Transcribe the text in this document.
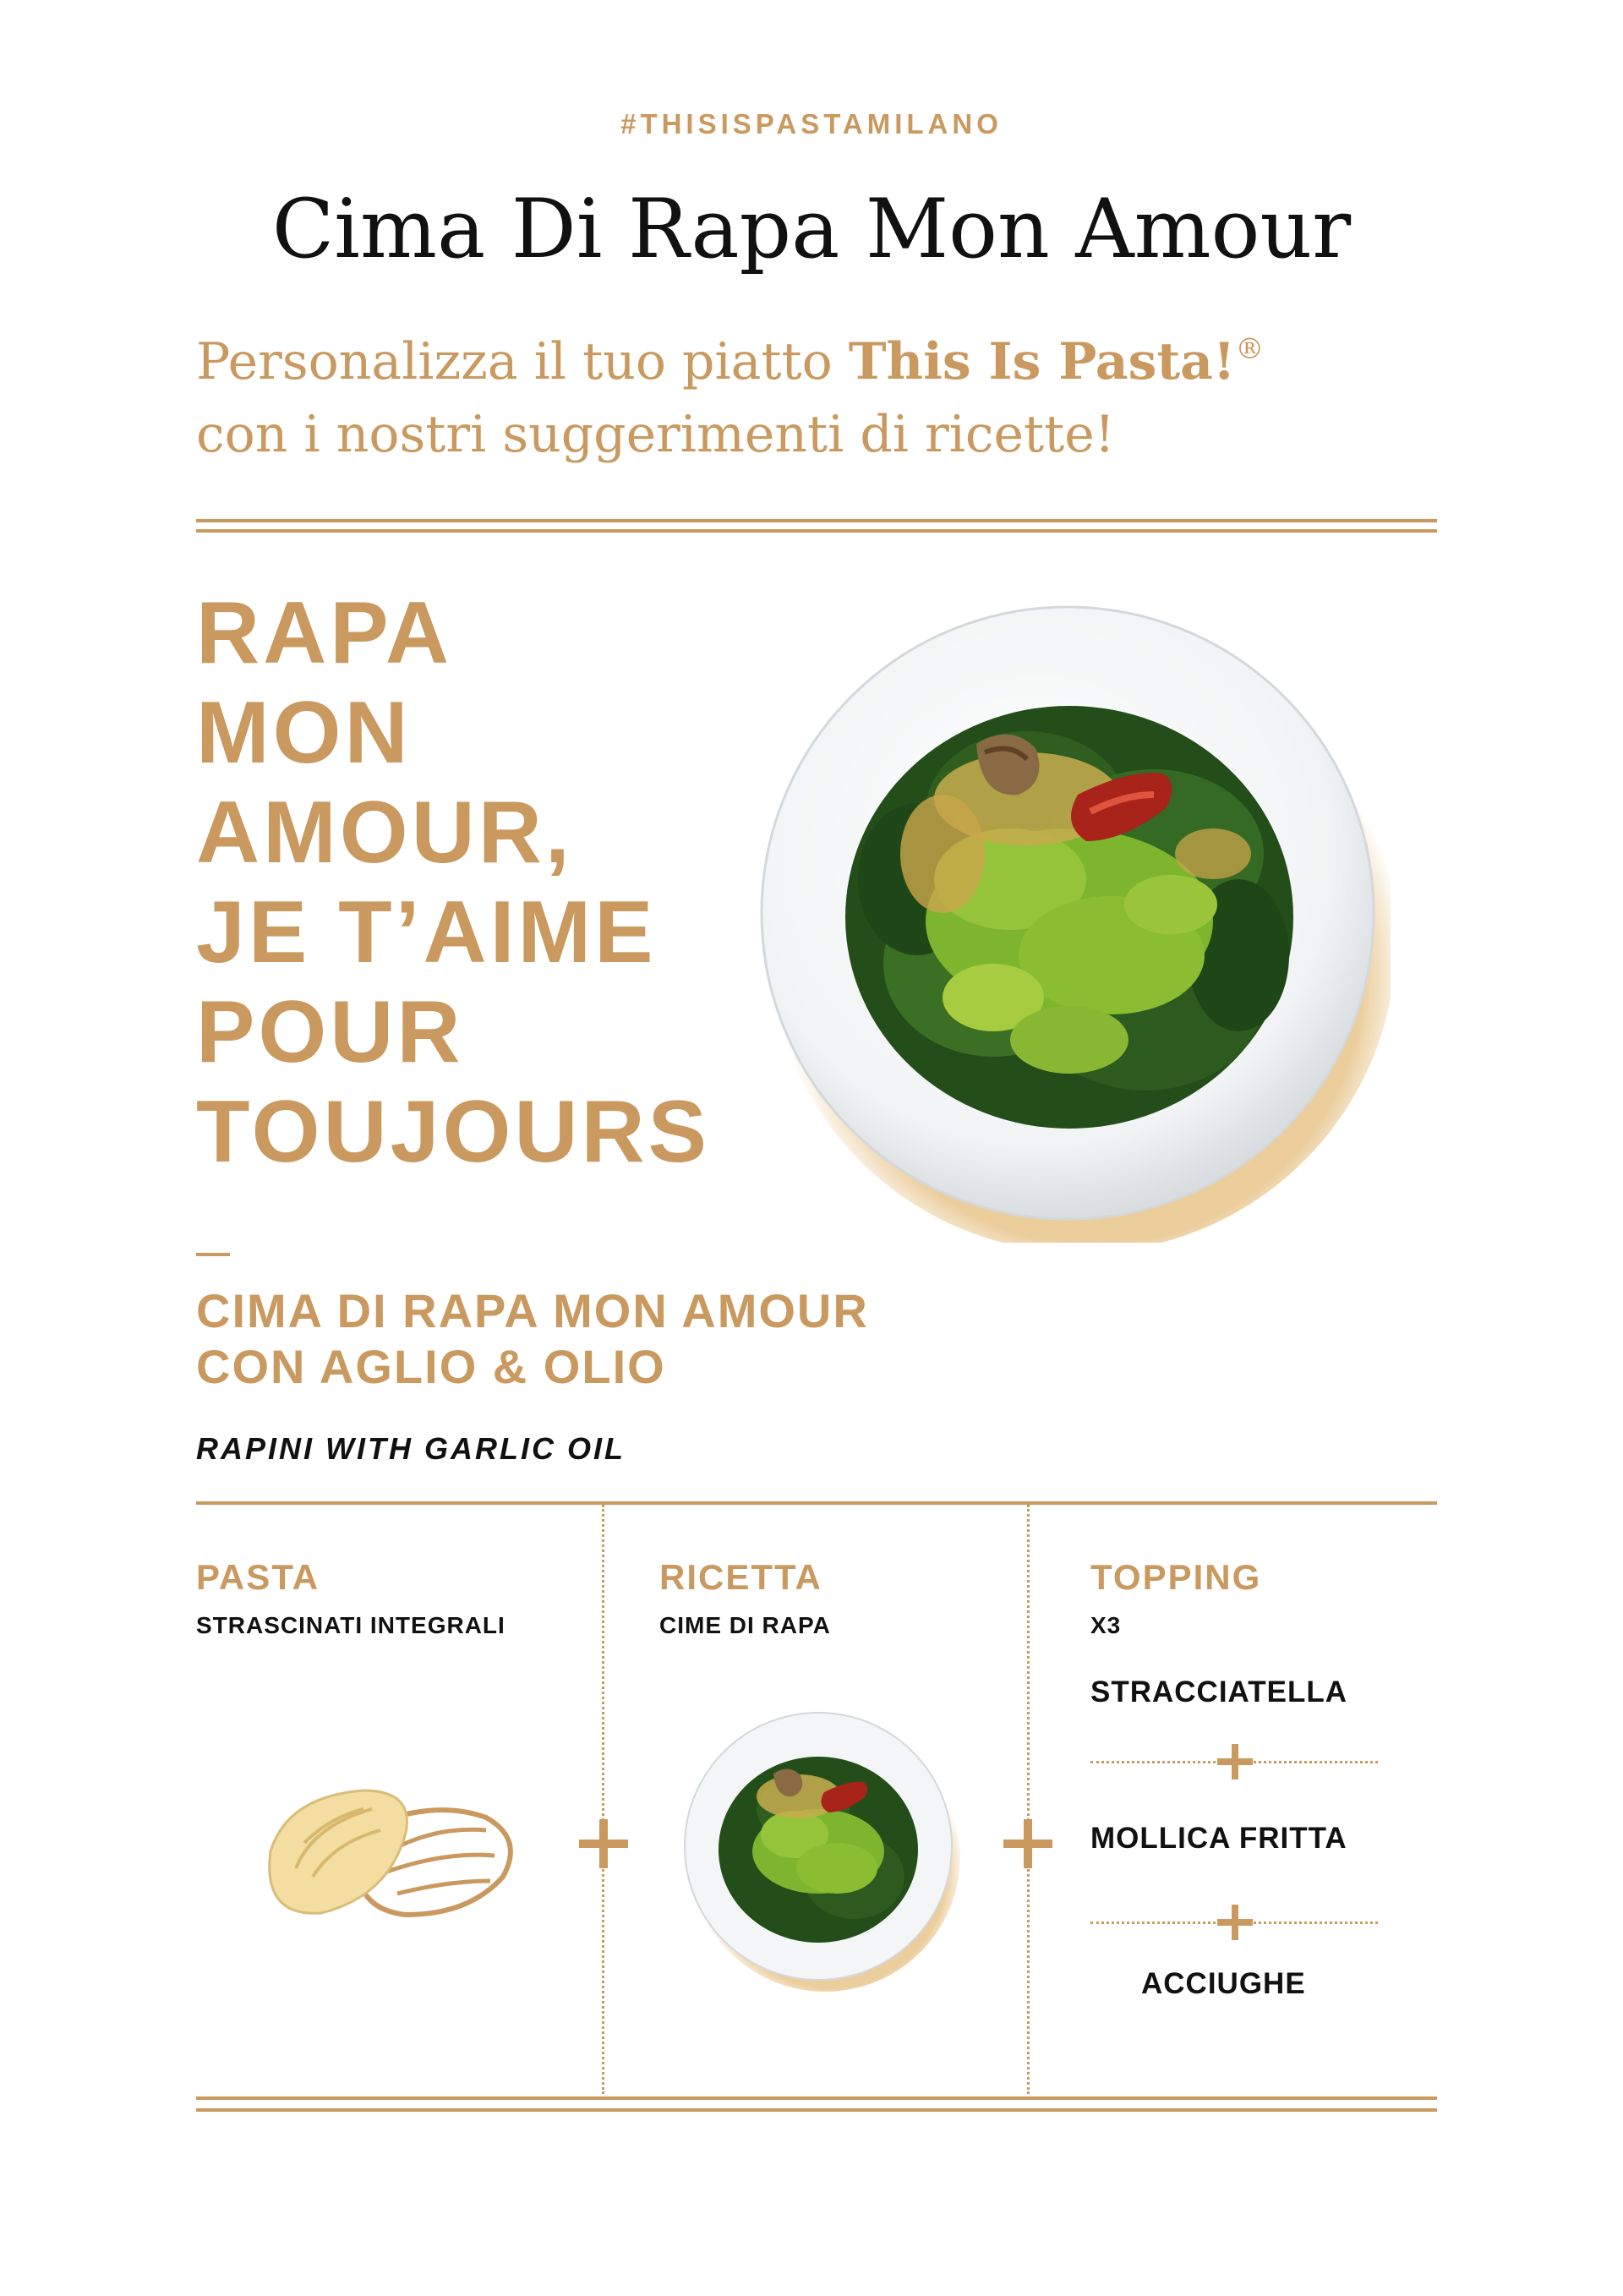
#THISISPASTAMILANO
Cima Di Rapa Mon Amour
Personalizza il tuo piatto This Is Pasta!®
con i nostri suggerimenti di ricette!
RAPA
MON
AMOUR,
JE T’AIME
POUR
TOUJOURS
CIMA DI RAPA MON AMOUR
CON AGLIO & OLIO
RAPINI WITH GARLIC OIL
PASTA
STRASCINATI INTEGRALI
RICETTA
CIME DI RAPA
TOPPING
X3
STRACCIATELLA
MOLLICA FRITTA
ACCIUGHE
